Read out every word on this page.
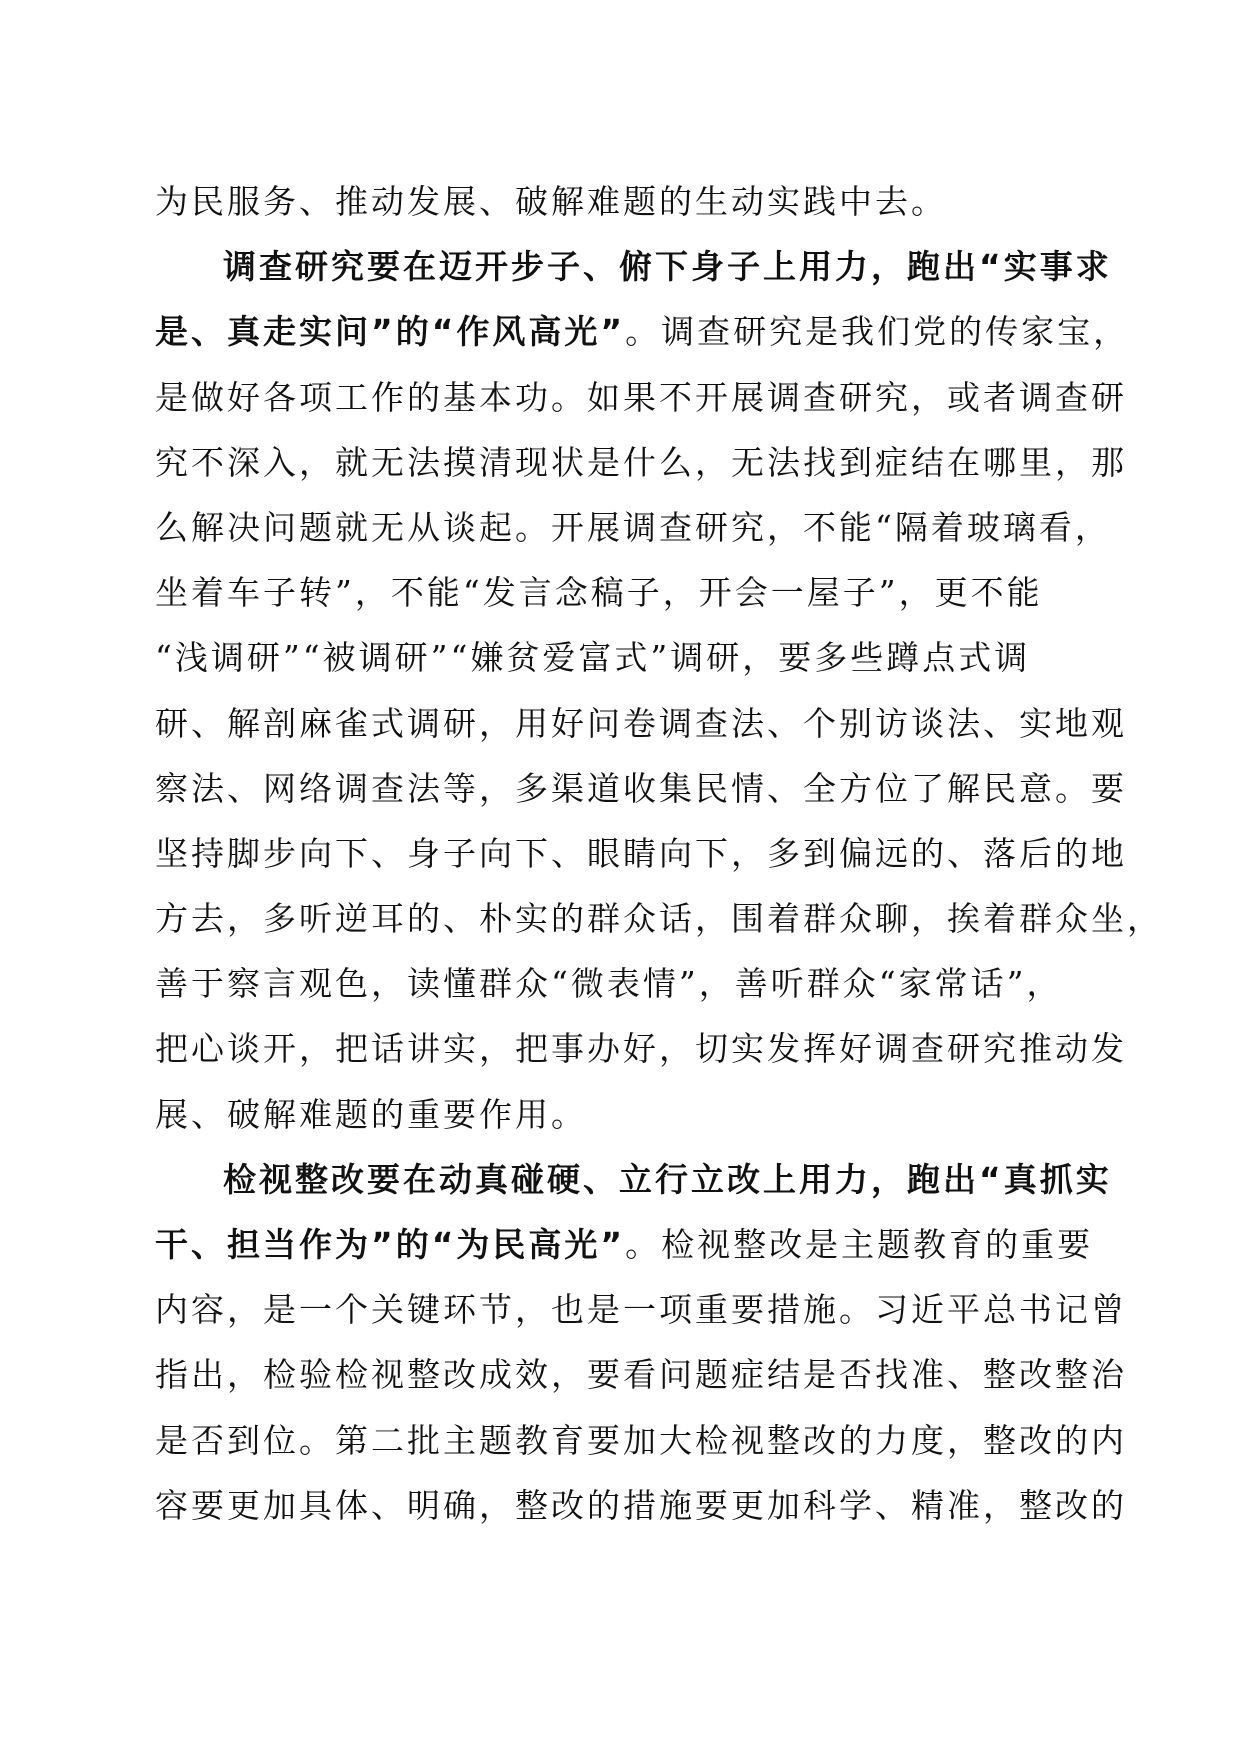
为民服务、推动发展、破解难题的生动实践中去。
调查研究要在迈开步子、俯下身子上用力，跑出“实事求
是、真走实问”的“作风高光”。调查研究是我们党的传家宝，
是做好各项工作的基本功。如果不开展调查研究，或者调查研
究不深入，就无法摸清现状是什么，无法找到症结在哪里，那
么解决问题就无从谈起。开展调查研究，不能“隔着玻璃看，
坐着车子转”，不能“发言念稿子，开会一屋子”，更不能
“浅调研”“被调研”“嫌贫爱富式”调研，要多些蹲点式调
研、解剖麻雀式调研，用好问卷调查法、个别访谈法、实地观
察法、网络调查法等，多渠道收集民情、全方位了解民意。要
坚持脚步向下、身子向下、眼睛向下，多到偏远的、落后的地
方去，多听逆耳的、朴实的群众话，围着群众聊，挨着群众坐，
善于察言观色，读懂群众“微表情”，善听群众“家常话”，
把心谈开，把话讲实，把事办好，切实发挥好调查研究推动发
展、破解难题的重要作用。
检视整改要在动真碰硬、立行立改上用力，跑出“真抓实
干、担当作为”的“为民高光”。检视整改是主题教育的重要
内容，是一个关键环节，也是一项重要措施。习近平总书记曾
指出，检验检视整改成效，要看问题症结是否找准、整改整治
是否到位。第二批主题教育要加大检视整改的力度，整改的内
容要更加具体、明确，整改的措施要更加科学、精准，整改的
